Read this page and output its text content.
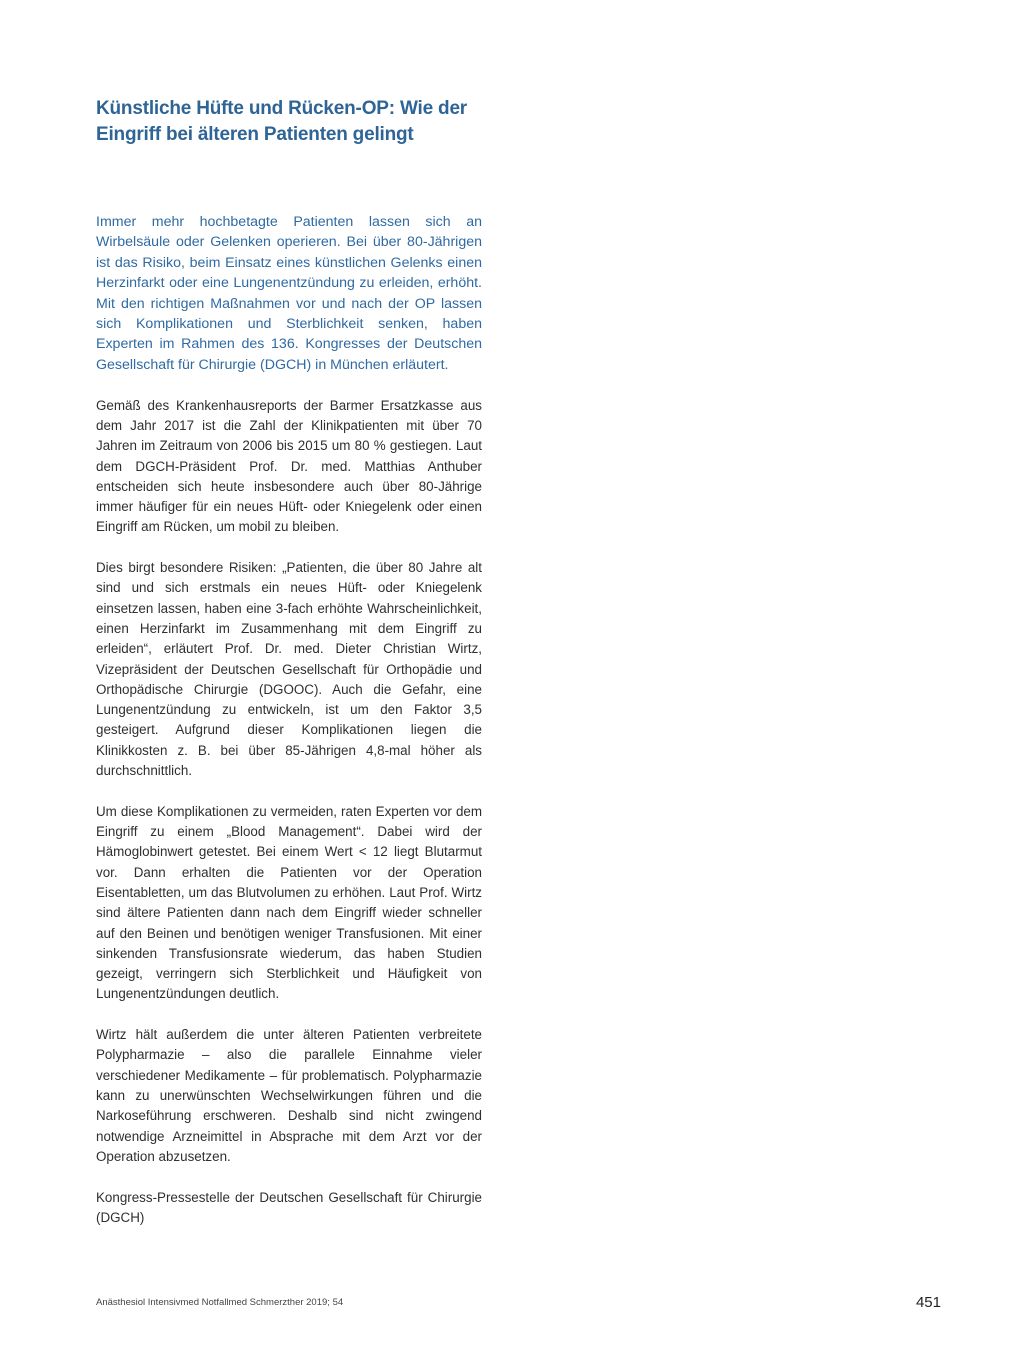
Künstliche Hüfte und Rücken-OP: Wie der Eingriff bei älteren Patienten gelingt

Immer mehr hochbetagte Patienten lassen sich an Wirbelsäule oder Gelenken operieren. Bei über 80-Jährigen ist das Risiko, beim Einsatz eines künstlichen Gelenks einen Herzinfarkt oder eine Lungenentzündung zu erleiden, erhöht. Mit den richtigen Maßnahmen vor und nach der OP lassen sich Komplikationen und Sterblichkeit senken, haben Experten im Rahmen des 136. Kongresses der Deutschen Gesellschaft für Chirurgie (DGCH) in München erläutert.

Gemäß des Krankenhausreports der Barmer Ersatzkasse aus dem Jahr 2017 ist die Zahl der Klinikpatienten mit über 70 Jahren im Zeitraum von 2006 bis 2015 um 80 % gestiegen. Laut dem DGCH-Präsident Prof. Dr. med. Matthias Anthuber entscheiden sich heute insbesondere auch über 80-Jährige immer häufiger für ein neues Hüft- oder Kniegelenk oder einen Eingriff am Rücken, um mobil zu bleiben.

Dies birgt besondere Risiken: „Patienten, die über 80 Jahre alt sind und sich erstmals ein neues Hüft- oder Kniegelenk einsetzen lassen, haben eine 3-fach erhöhte Wahrscheinlichkeit, einen Herzinfarkt im Zusammenhang mit dem Eingriff zu erleiden“, erläutert Prof. Dr. med. Dieter Christian Wirtz, Vizepräsident der Deutschen Gesellschaft für Orthopädie und Orthopädische Chirurgie (DGOOC). Auch die Gefahr, eine Lungenentzündung zu entwickeln, ist um den Faktor 3,5 gesteigert. Aufgrund dieser Komplikationen liegen die Klinikkosten z. B. bei über 85-Jährigen 4,8-mal höher als durchschnittlich.

Um diese Komplikationen zu vermeiden, raten Experten vor dem Eingriff zu einem „Blood Management“. Dabei wird der Hämoglobinwert getestet. Bei einem Wert < 12 liegt Blutarmut vor. Dann erhalten die Patienten vor der Operation Eisentabletten, um das Blutvolumen zu erhöhen. Laut Prof. Wirtz sind ältere Patienten dann nach dem Eingriff wieder schneller auf den Beinen und benötigen weniger Transfusionen. Mit einer sinkenden Transfusionsrate wiederum, das haben Studien gezeigt, verringern sich Sterblichkeit und Häufigkeit von Lungenentzündungen deutlich.

Wirtz hält außerdem die unter älteren Patienten verbreitete Polypharmazie – also die parallele Einnahme vieler verschiedener Medikamente – für problematisch. Polypharmazie kann zu unerwünschten Wechselwirkungen führen und die Narkoseführung erschweren. Deshalb sind nicht zwingend notwendige Arzneimittel in Absprache mit dem Arzt vor der Operation abzusetzen.

Kongress-Pressestelle der Deutschen Gesellschaft für Chirurgie (DGCH)

Anästhesiol Intensivmed Notfallmed Schmerzther 2019; 54	451
